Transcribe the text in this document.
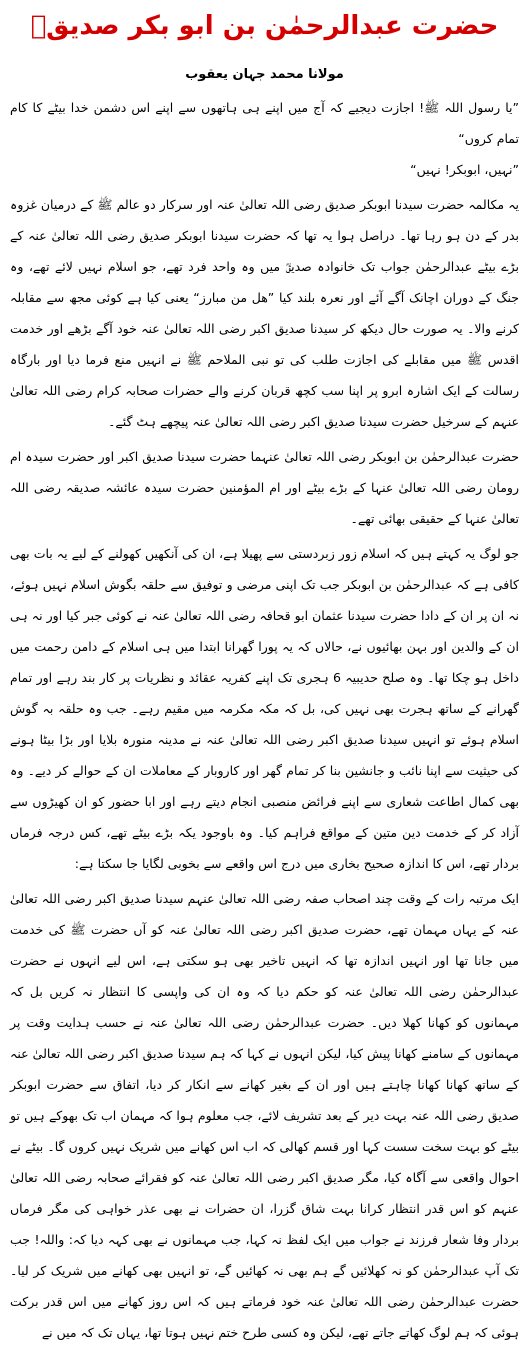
حضرت عبدالرحمٰن بن ابو بکر صدیقؓ
مولانا محمد جہان یعقوب

”یا رسول اللہ ﷺ! اجازت دیجیے کہ آج میں اپنے ہی ہاتھوں سے اپنے اس دشمن خدا بیٹے کا کام تمام کروں“
”نہیں، ابوبکر! نہیں“

یہ مکالمہ حضرت سیدنا ابوبکر صدیق رضی اللہ تعالیٰ عنہ اور سرکار دو عالم ﷺ کے درمیان غزوہ بدر کے دن ہو رہا تھا۔ دراصل ہوا یہ تھا کہ حضرت سیدنا ابوبکر صدیق رضی اللہ تعالیٰ عنہ کے بڑے بیٹے عبدالرحمٰن جواب تک خانوادہ صدیقؓ میں وہ واحد فرد تھے، جو اسلام نہیں لائے تھے، وہ جنگ کے دوران اچانک آگے آئے اور نعرہ بلند کیا ”ھل من مبارز“ یعنی کیا ہے کوئی مجھ سے مقابلہ کرنے والا۔ یہ صورت حال دیکھ کر سیدنا صدیق اکبر رضی اللہ تعالیٰ عنہ خود آگے بڑھے اور خدمت اقدس ﷺ میں مقابلے کی اجازت طلب کی تو نبی الملاحم ﷺ نے انہیں منع فرما دیا اور بارگاہ رسالت کے ایک اشارہ ابرو پر اپنا سب کچھ قربان کرنے والے حضرات صحابہ کرام رضی اللہ تعالیٰ عنہم کے سرخیل حضرت سیدنا صدیق اکبر رضی اللہ تعالیٰ عنہ پیچھے ہٹ گئے۔

حضرت عبدالرحمٰن بن ابوبکر رضی اللہ تعالیٰ عنہما حضرت سیدنا صدیق اکبر اور حضرت سیدہ ام رومان رضی اللہ تعالیٰ عنہا کے بڑے بیٹے اور ام المؤمنین حضرت سیدہ عائشہ صدیقہ رضی اللہ تعالیٰ عنہا کے حقیقی بھائی تھے۔

جو لوگ یہ کہتے ہیں کہ اسلام زور زبردستی سے پھیلا ہے، ان کی آنکھیں کھولنے کے لیے یہ بات بھی کافی ہے کہ عبدالرحمٰن بن ابوبکر جب تک اپنی مرضی و توفیق سے حلقہ بگوش اسلام نہیں ہوئے، نہ ان پر ان کے دادا حضرت سیدنا عثمان ابو قحافہ رضی اللہ تعالیٰ عنہ نے کوئی جبر کیا اور نہ ہی ان کے والدین اور بہن بھائیوں نے، حالاں کہ یہ پورا گھرانا ابتدا میں ہی اسلام کے دامن رحمت میں داخل ہو چکا تھا۔ وہ صلح حدیبیہ 6 ہجری تک اپنے کفریہ عقائد و نظریات پر کار بند رہے اور تمام گھرانے کے ساتھ ہجرت بھی نہیں کی، بل کہ مکہ مکرمہ میں مقیم رہے۔ جب وہ حلقہ بہ گوش اسلام ہوئے تو انہیں سیدنا صدیق اکبر رضی اللہ تعالیٰ عنہ نے مدینہ منورہ بلایا اور بڑا بیٹا ہونے کی حیثیت سے اپنا نائب و جانشین بنا کر تمام گھر اور کاروبار کے معاملات ان کے حوالے کر دیے۔ وہ بھی کمال اطاعت شعاری سے اپنے فرائض منصبی انجام دیتے رہے اور ابا حضور کو ان کھیڑوں سے آزاد کر کے خدمت دین متین کے مواقع فراہم کیا۔ وہ باوجود یکہ بڑے بیٹے تھے، کس درجہ فرماں بردار تھے، اس کا اندازہ صحیح بخاری میں درج اس واقعے سے بخوبی لگایا جا سکتا ہے:

ایک مرتبہ رات کے وقت چند اصحاب صفہ رضی اللہ تعالیٰ عنہم سیدنا صدیق اکبر رضی اللہ تعالیٰ عنہ کے یہاں مہمان تھے، حضرت صدیق اکبر رضی اللہ تعالیٰ عنہ کو آں حضرت ﷺ کی خدمت میں جانا تھا اور انہیں اندازہ تھا کہ انہیں تاخیر بھی ہو سکتی ہے، اس لیے انہوں نے حضرت عبدالرحمٰن رضی اللہ تعالیٰ عنہ کو حکم دیا کہ وہ ان کی واپسی کا انتظار نہ کریں بل کہ مہمانوں کو کھانا کھلا دیں۔ حضرت عبدالرحمٰن رضی اللہ تعالیٰ عنہ نے حسب ہدایت وقت پر مہمانوں کے سامنے کھانا پیش کیا، لیکن انہوں نے کہا کہ ہم سیدنا صدیق اکبر رضی اللہ تعالیٰ عنہ کے ساتھ کھانا کھانا چاہتے ہیں اور ان کے بغیر کھانے سے انکار کر دیا، اتفاق سے حضرت ابوبکر صدیق رضی اللہ عنہ بہت دیر کے بعد تشریف لائے، جب معلوم ہوا کہ مہمان اب تک بھوکے ہیں تو بیٹے کو بہت سخت سست کہا اور قسم کھالی کہ اب اس کھانے میں شریک نہیں کروں گا۔ بیٹے نے احوال واقعی سے آگاہ کیا، مگر صدیق اکبر رضی اللہ تعالیٰ عنہ کو فقرائے صحابہ رضی اللہ تعالیٰ عنہم کو اس قدر انتظار کرانا بہت شاق گزرا، ان حضرات نے بھی عذر خواہی کی مگر فرماں بردار وفا شعار فرزند نے جواب میں ایک لفظ نہ کہا، جب مہمانوں نے بھی کہہ دیا کہ: واللہ! جب تک آپ عبدالرحمٰن کو نہ کھلائیں گے ہم بھی نہ کھائیں گے، تو انہیں بھی کھانے میں شریک کر لیا۔ حضرت عبدالرحمٰن رضی اللہ تعالیٰ عنہ خود فرماتے ہیں کہ اس روز کھانے میں اس قدر برکت ہوئی کہ ہم لوگ کھاتے جاتے تھے، لیکن وہ کسی طرح ختم نہیں ہوتا تھا، یہاں تک کہ میں نے
